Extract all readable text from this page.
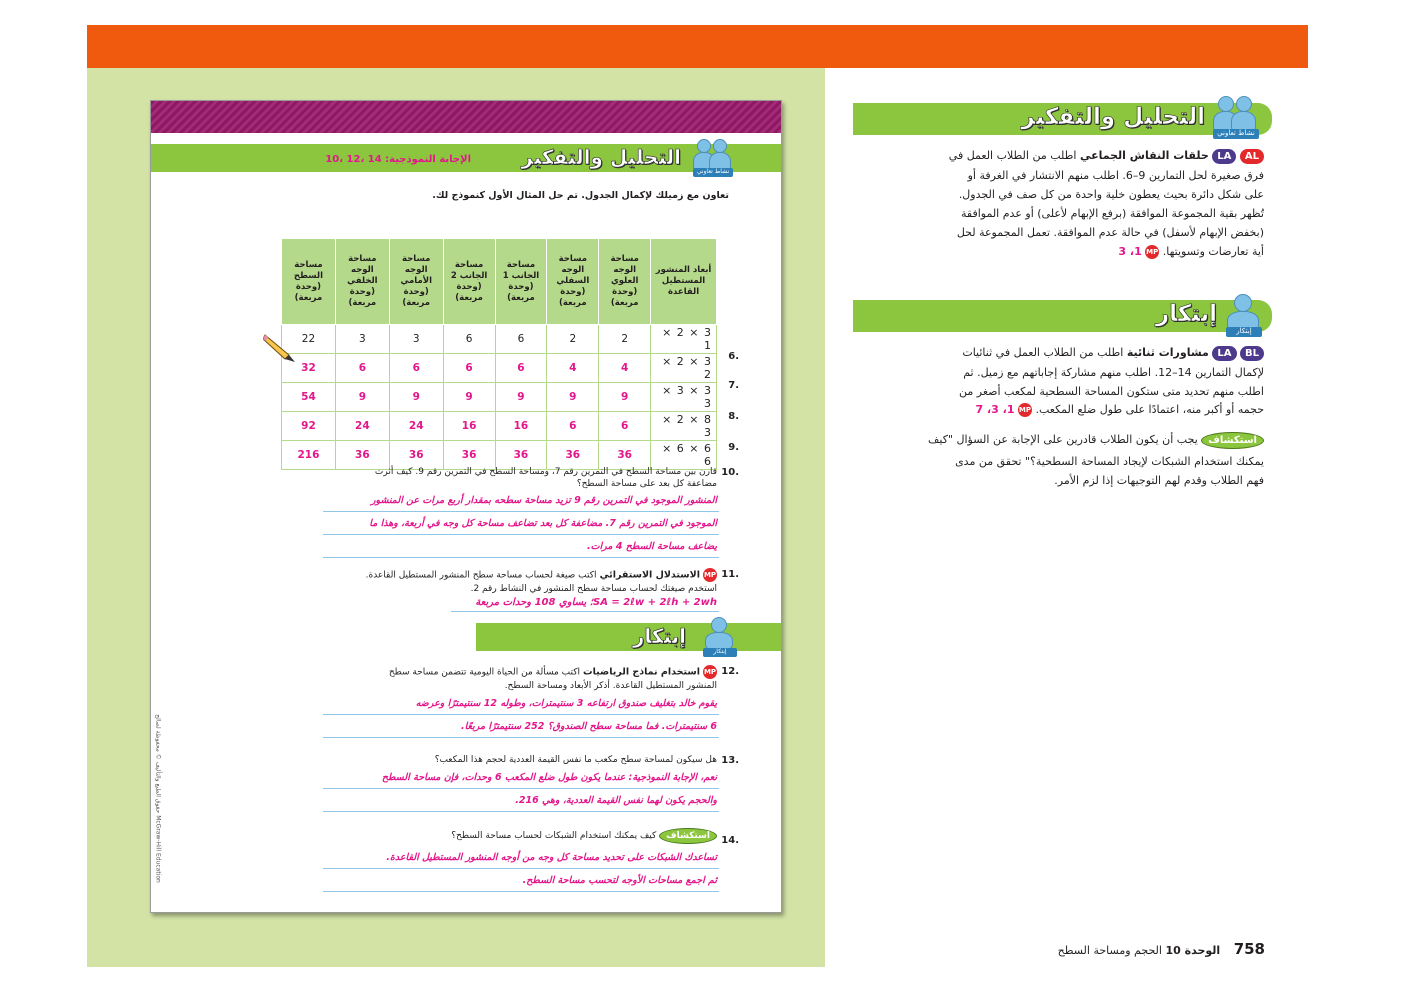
نشاط تعاوني
التحليل والتفكير
الإجابة النموذجية: 14 ،12 ،10
تعاون مع زميلك لإكمال الجدول. تم حل المثال الأول كنموذج لك.
أبعاد المنشور المستطيل القاعدة	مساحة الوجه العلوي (وحدة مربعة)	مساحة الوجه السفلي (وحدة مربعة)	مساحة الجانب 1 (وحدة مربعة)	مساحة الجانب 2 (وحدة مربعة)	مساحة الوجه الأمامي (وحدة مربعة)	مساحة الوجه الخلفي (وحدة مربعة)	مساحة السطح (وحدة مربعة)
3 × 2 × 1	2	2	6	6	3	3	22
3 × 2 × 2	4	4	6	6	6	6	32
3 × 3 × 3	9	9	9	9	9	9	54
8 × 2 × 3	6	6	16	16	24	24	92
6 × 6 × 6	36	36	36	36	36	36	216
.6
.7
.8
.9
.10
قارن بين مساحة السطح في التمرين رقم 7، ومساحة السطح في التمرين رقم 9. كيف أثرت
مضاعفة كل بعد على مساحة السطح؟
المنشور الموجود في التمرين رقم 9 تزيد مساحة سطحه بمقدار أربع مرات عن المنشور
الموجود في التمرين رقم 7. مضاعفة كل بعد تضاعف مساحة كل وجه في أربعة، وهذا ما
يضاعف مساحة السطح 4 مرات.
.11
MP الاستدلال الاستقرائي اكتب صيغة لحساب مساحة سطح المنشور المستطيل القاعدة.
استخدم صيغتك لحساب مساحة سطح المنشور في النشاط رقم 2.
SA = 2ℓw + 2ℓh + 2wh؛ يساوي 108 وحدات مربعة
إبتكار
إبتكار
.12
MP استخدام نماذج الرياضيات اكتب مسألة من الحياة اليومية تتضمن مساحة سطح
المنشور المستطيل القاعدة. أذكر الأبعاد ومساحة السطح.
يقوم خالد بتغليف صندوق ارتفاعه 3 سنتيمترات، وطوله 12 سنتيمترًا وعرضه
6 سنتيمترات. فما مساحة سطح الصندوق؟ 252 سنتيمترًا مربعًا.
.13
هل سيكون لمساحة سطح مكعب ما نفس القيمة العددية لحجم هذا المكعب؟
نعم، الإجابة النموذجية: عندما يكون طول ضلع المكعب 6 وحدات، فإن مساحة السطح
والحجم يكون لهما نفس القيمة العددية، وهي 216.
.14
استكشاف كيف يمكنك استخدام الشبكات لحساب مساحة السطح؟
تساعدك الشبكات على تحديد مساحة كل وجه من أوجه المنشور المستطيل القاعدة.
ثم اجمع مساحات الأوجه لتحسب مساحة السطح.
McGraw-Hill Education حقوق الطبع والتأليف © محفوظة لصالح
نشاط تعاوني
التحليل والتفكير
AL LA حلقات النقاش الجماعي اطلب من الطلاب العمل في
فرق صغيرة لحل التمارين 9–6. اطلب منهم الانتشار في الغرفة أو
على شكل دائرة بحيث يعطون خلية واحدة من كل صف في الجدول.
تُظهر بقية المجموعة الموافقة (برفع الإبهام لأعلى) أو عدم الموافقة
(بخفض الإبهام لأسفل) في حالة عدم الموافقة. تعمل المجموعة لحل
أية تعارضات وتسويتها. MP 1، 3
إبتكار
إبتكار
BL LA مشاورات ثنائية اطلب من الطلاب العمل في ثنائيات
لإكمال التمارين 14–12. اطلب منهم مشاركة إجاباتهم مع زميل. ثم
اطلب منهم تحديد متى ستكون المساحة السطحية لمكعب أصغر من
حجمه أو أكبر منه، اعتمادًا على طول ضلع المكعب. MP 1، 3، 7
استكشاف يجب أن يكون الطلاب قادرين على الإجابة عن السؤال "كيف
يمكنك استخدام الشبكات لإيجاد المساحة السطحية؟" تحقق من مدى
فهم الطلاب وقدم لهم التوجيهات إذا لزم الأمر.
758 الوحدة 10 الحجم ومساحة السطح
